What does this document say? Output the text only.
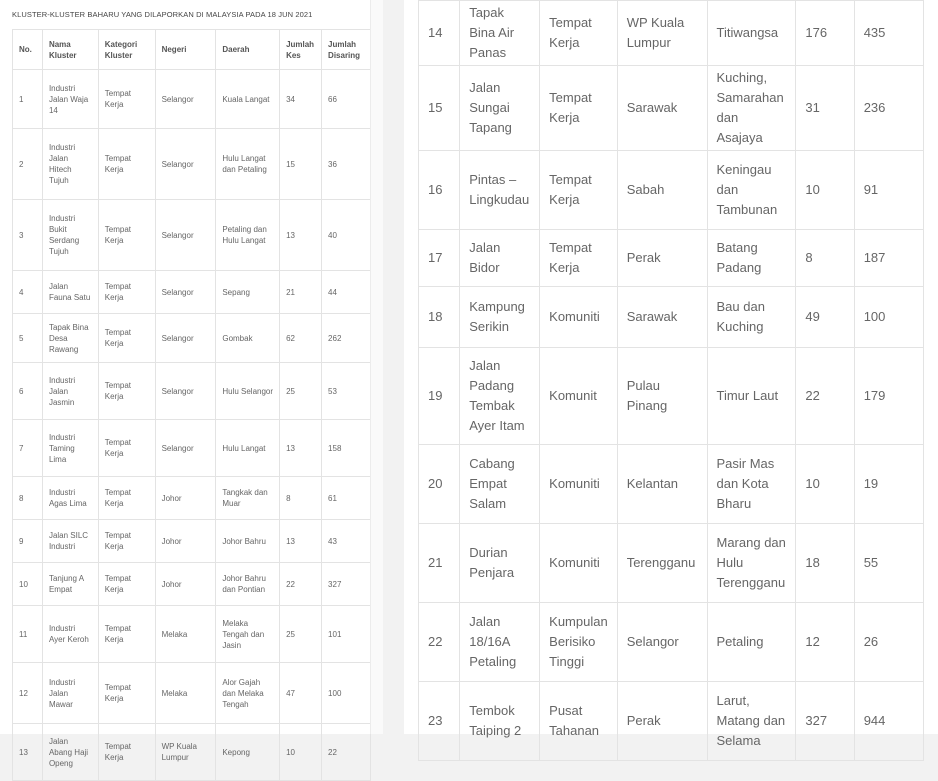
KLUSTER-KLUSTER BAHARU YANG DILAPORKAN DI MALAYSIA PADA 18 JUN 2021
No.	Nama Kluster	Kategori Kluster	Negeri	Daerah	Jumlah Kes	Jumlah Disaring
1	Industri Jalan Waja 14	Tempat Kerja	Selangor	Kuala Langat	34	66
2	Industri Jalan Hitech Tujuh	Tempat Kerja	Selangor	Hulu Langat dan Petaling	15	36
3	Industri Bukit Serdang Tujuh	Tempat Kerja	Selangor	Petaling dan Hulu Langat	13	40
4	Jalan Fauna Satu	Tempat Kerja	Selangor	Sepang	21	44
5	Tapak Bina Desa Rawang	Tempat Kerja	Selangor	Gombak	62	262
6	Industri Jalan Jasmin	Tempat Kerja	Selangor	Hulu Selangor	25	53
7	Industri Taming Lima	Tempat Kerja	Selangor	Hulu Langat	13	158
8	Industri Agas Lima	Tempat Kerja	Johor	Tangkak dan Muar	8	61
9	Jalan SILC Industri	Tempat Kerja	Johor	Johor Bahru	13	43
10	Tanjung A Empat	Tempat Kerja	Johor	Johor Bahru dan Pontian	22	327
11	Industri Ayer Keroh	Tempat Kerja	Melaka	Melaka Tengah dan Jasin	25	101
12	Industri Jalan Mawar	Tempat Kerja	Melaka	Alor Gajah dan Melaka Tengah	47	100
13	Jalan Abang Haji Openg	Tempat Kerja	WP Kuala Lumpur	Kepong	10	22
14	Tapak Bina Air Panas	Tempat Kerja	WP Kuala Lumpur	Titiwangsa	176	435
15	Jalan Sungai Tapang	Tempat Kerja	Sarawak	Kuching, Samarahan dan Asajaya	31	236
16	Pintas – Lingkudau	Tempat Kerja	Sabah	Keningau dan Tambunan	10	91
17	Jalan Bidor	Tempat Kerja	Perak	Batang Padang	8	187
18	Kampung Serikin	Komuniti	Sarawak	Bau dan Kuching	49	100
19	Jalan Padang Tembak Ayer Itam	Komunit	Pulau Pinang	Timur Laut	22	179
20	Cabang Empat Salam	Komuniti	Kelantan	Pasir Mas dan Kota Bharu	10	19
21	Durian Penjara	Komuniti	Terengganu	Marang dan Hulu Terengganu	18	55
22	Jalan 18/16A Petaling	Kumpulan Berisiko Tinggi	Selangor	Petaling	12	26
23	Tembok Taiping 2	Pusat Tahanan	Perak	Larut, Matang dan Selama	327	944
